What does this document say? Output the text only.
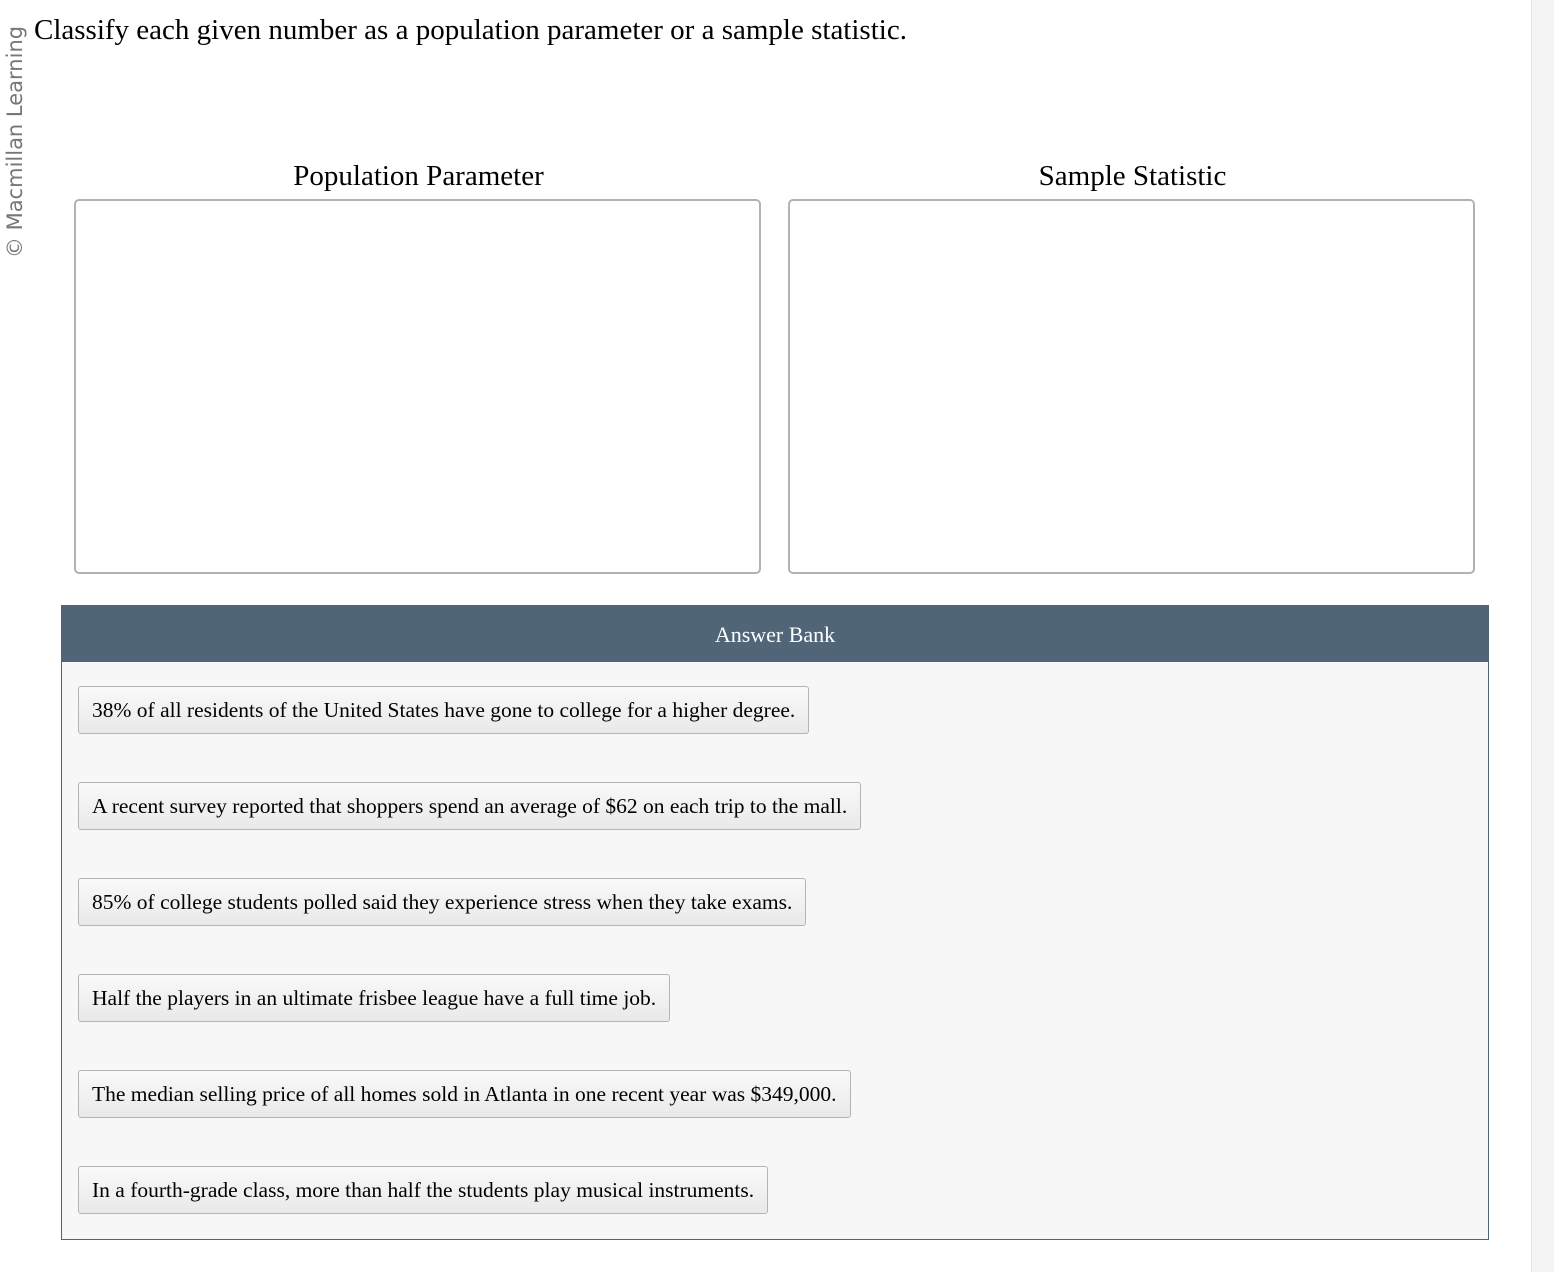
© Macmillan Learning Classify each given number as a population parameter or a sample statistic.
Population Parameter	Sample Statistic
Answer Bank
38% of all residents of the United States have gone to college for a higher degree.
A recent survey reported that shoppers spend an average of $62 on each trip to the mall.
85% of college students polled said they experience stress when they take exams.
Half the players in an ultimate frisbee league have a full time job.
The median selling price of all homes sold in Atlanta in one recent year was $349,000.
In a fourth-grade class, more than half the students play musical instruments.
